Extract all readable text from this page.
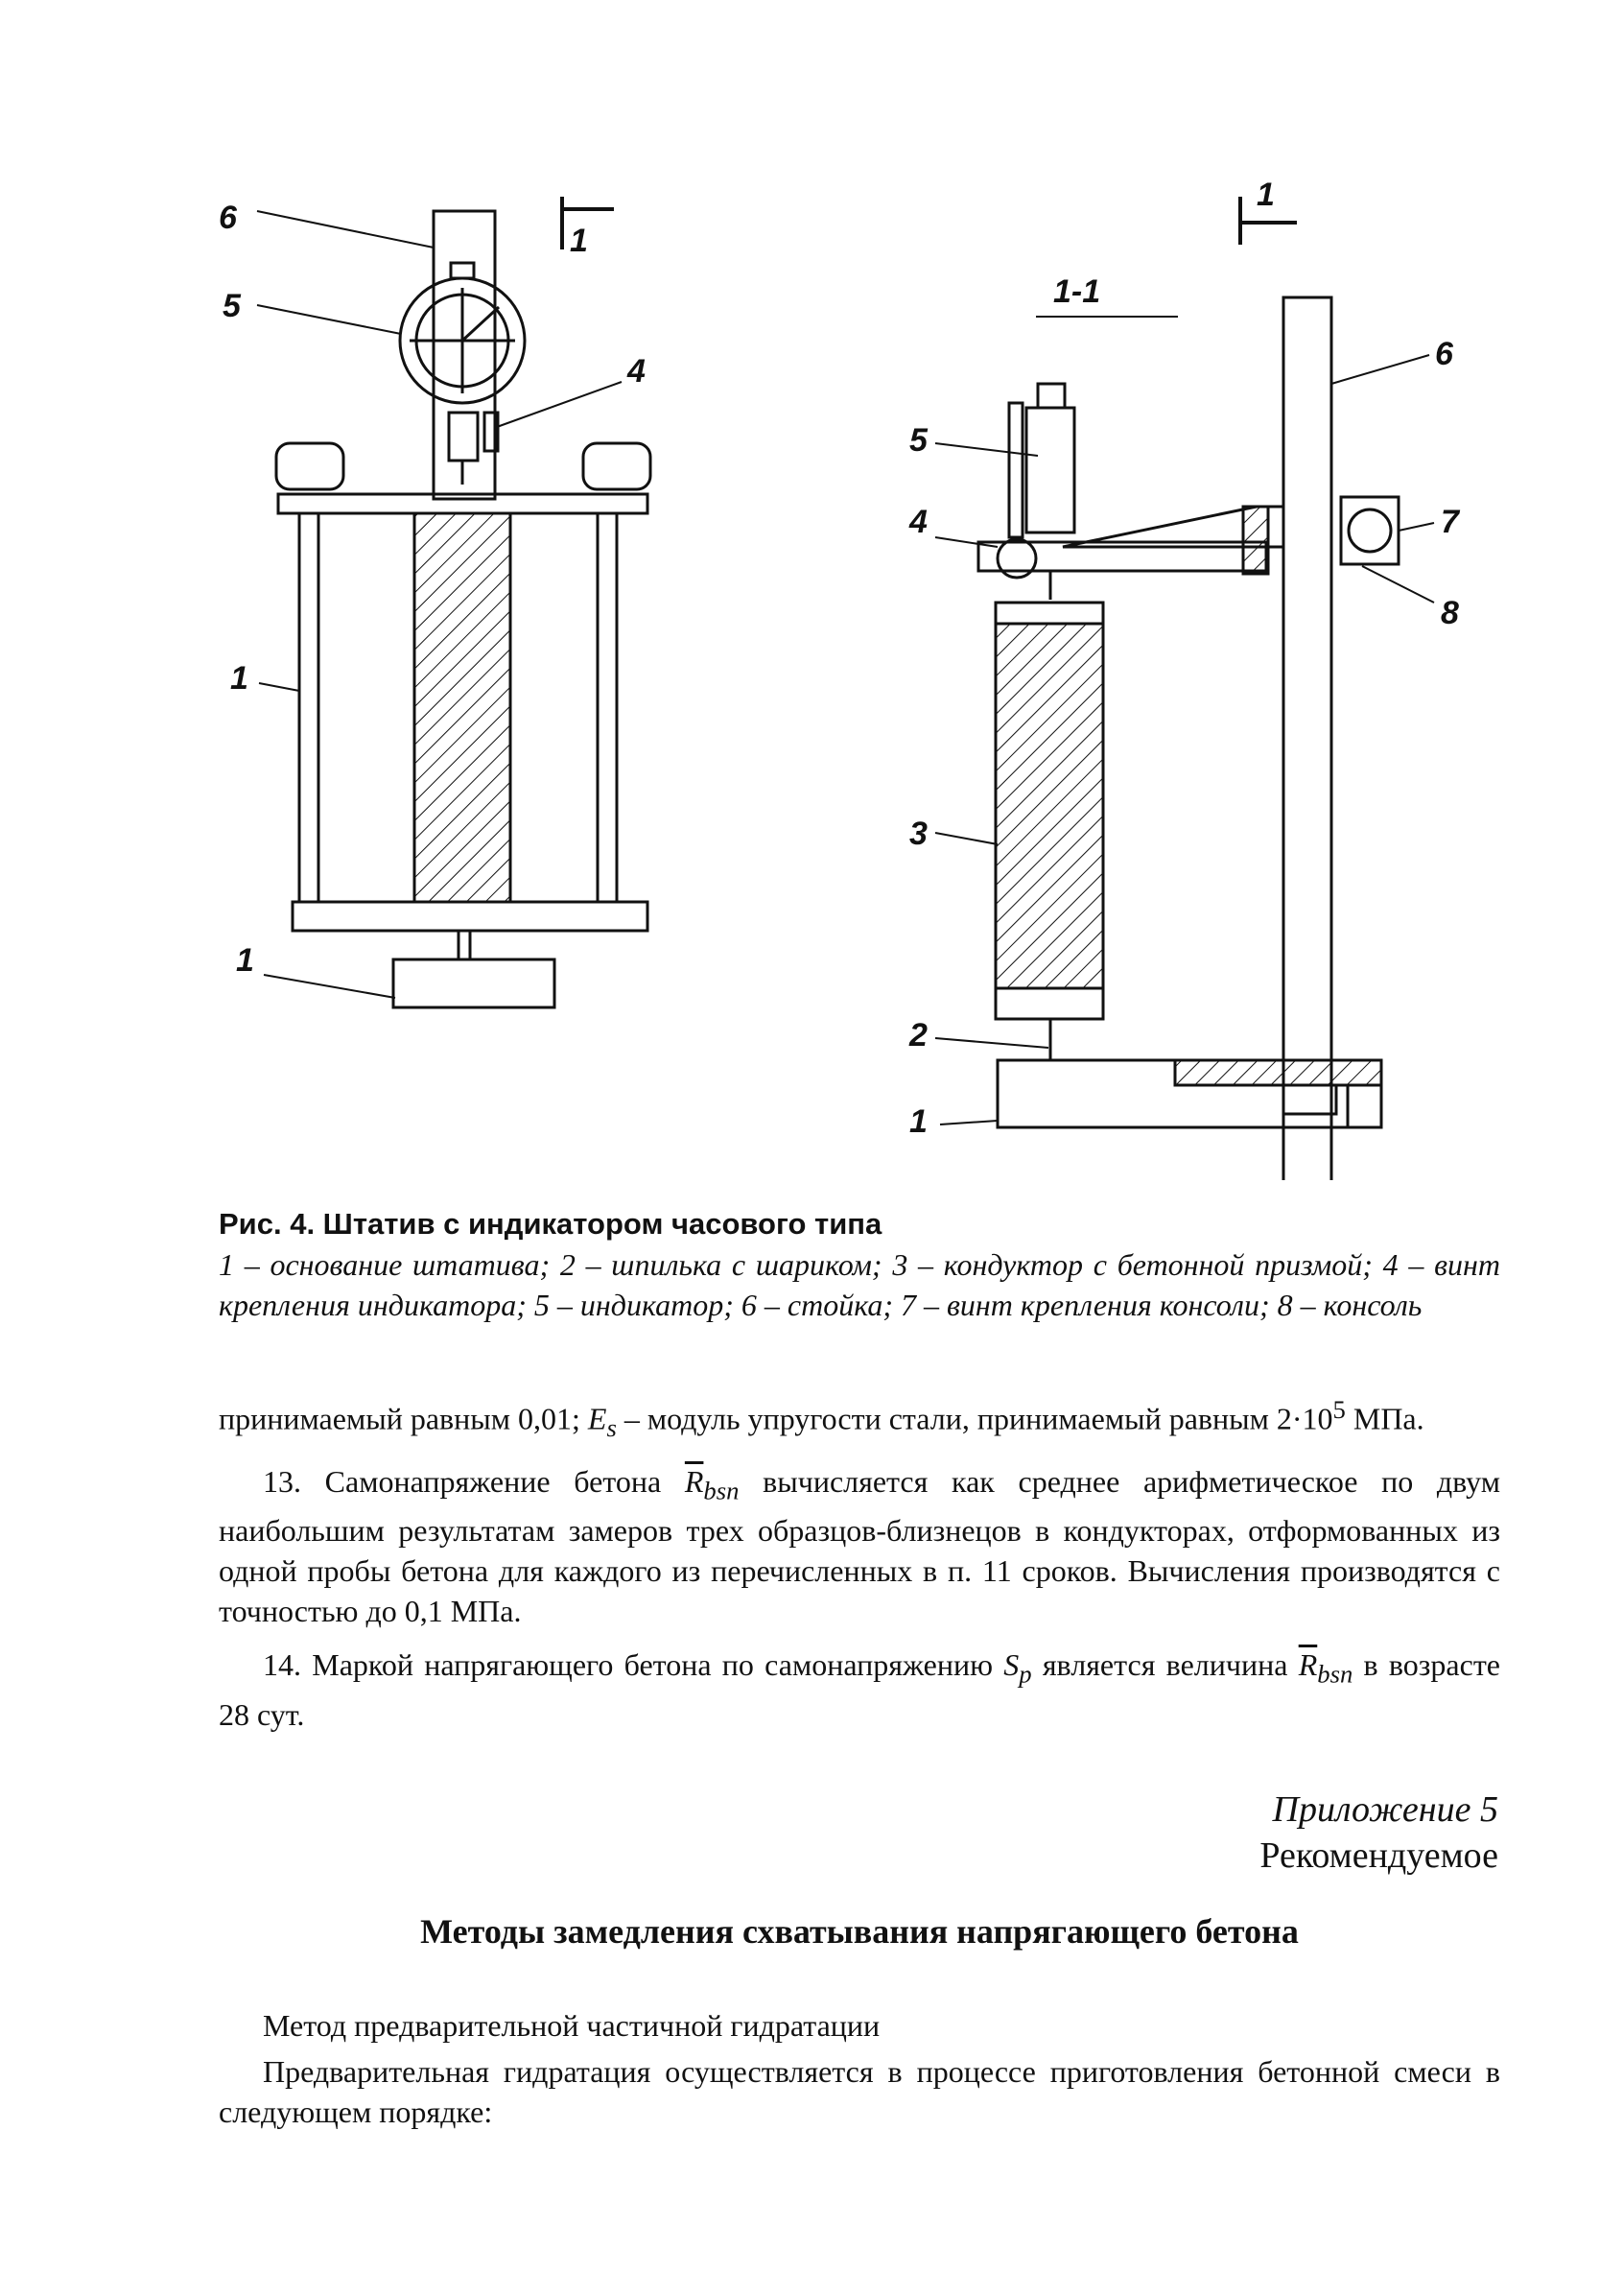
6
5
4
1
1
1
1
1-1
5
4
3
2
1
6
7
8

Рис. 4. Штатив с индикатором часового типа

1 – основание штатива; 2 – шпилька с шариком; 3 – кондуктор с бетонной призмой; 4 – винт крепления индикатора; 5 – индикатор; 6 – стойка; 7 – винт крепления консоли; 8 – консоль

принимаемый равным 0,01; $E_s$ – модуль упругости стали, принимаемый равным $2\cdot 10^5$ МПа.

13. Самонапряжение бетона $\overline{R}_{bsn}$ вычисляется как среднее арифметическое по двум наибольшим результатам замеров трех образцов-близнецов в кондукторах, отформованных из одной пробы бетона для каждого из перечисленных в п. 11 сроков. Вычисления производятся с точностью до 0,1 МПа.

14. Маркой напрягающего бетона по самонапряжению $S_p$ является величина $\overline{R}_{bsn}$ в возрасте 28 сут.

Приложение 5
Рекомендуемое
Методы замедления схватывания напрягающего бетона

Метод предварительной частичной гидратации

Предварительная гидратация осуществляется в процессе приготовления бетонной смеси в следующем порядке:
